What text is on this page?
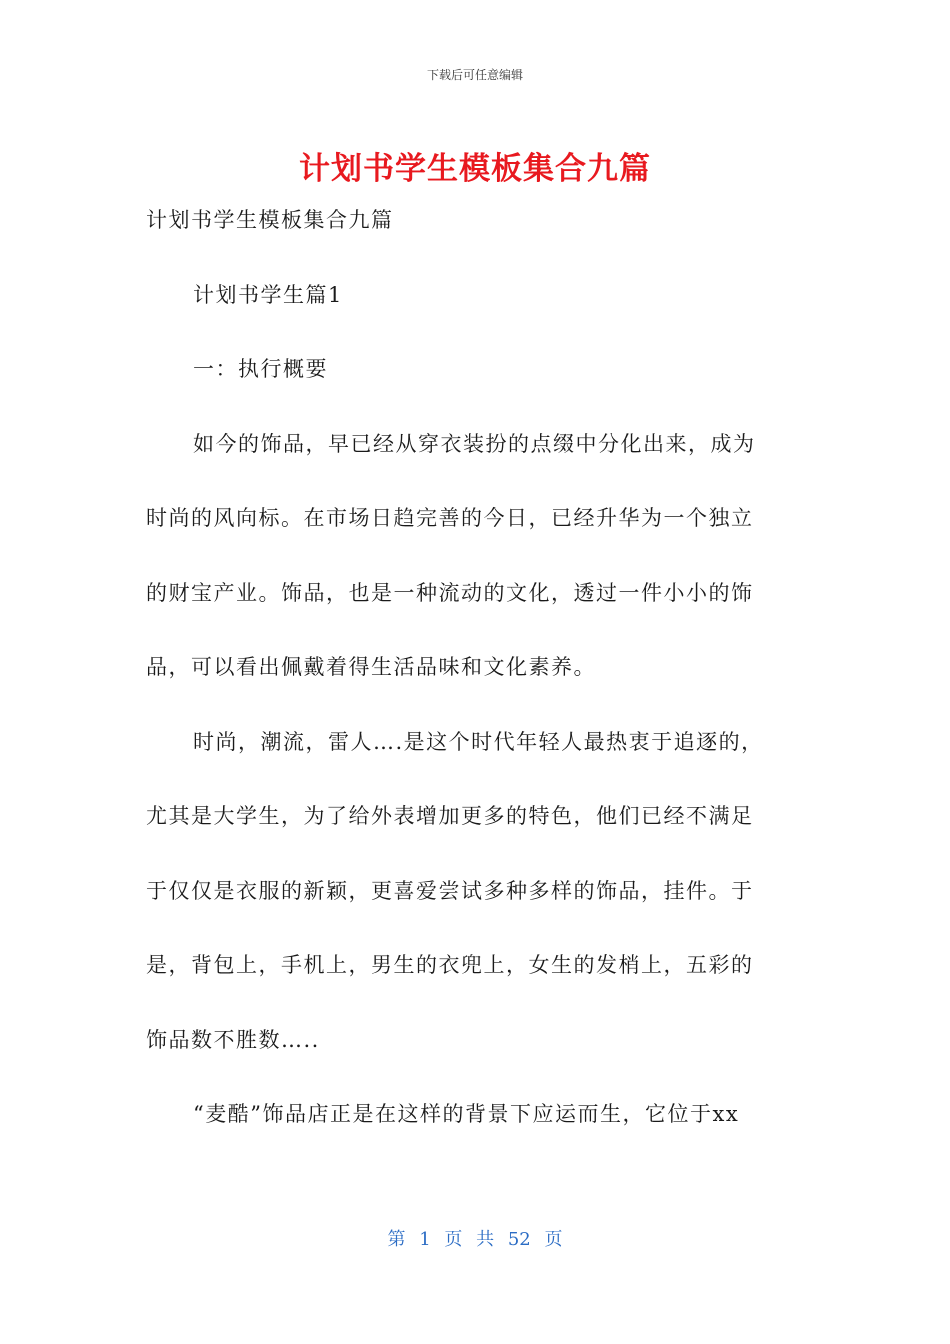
下载后可任意编辑
计划书学生模板集合九篇
计划书学生模板集合九篇
计划书学生篇1
一：执行概要
如今的饰品，早已经从穿衣装扮的点缀中分化出来，成为
时尚的风向标。在市场日趋完善的今日，已经升华为一个独立
的财宝产业。饰品，也是一种流动的文化，透过一件小小的饰
品，可以看出佩戴着得生活品味和文化素养。
时尚，潮流，雷人….是这个时代年轻人最热衷于追逐的，
尤其是大学生，为了给外表增加更多的特色，他们已经不满足
于仅仅是衣服的新颖，更喜爱尝试多种多样的饰品，挂件。于
是，背包上，手机上，男生的衣兜上，女生的发梢上，五彩的
饰品数不胜数…..
“麦酷”饰品店正是在这样的背景下应运而生，它位于xx
第 1 页 共 52 页
